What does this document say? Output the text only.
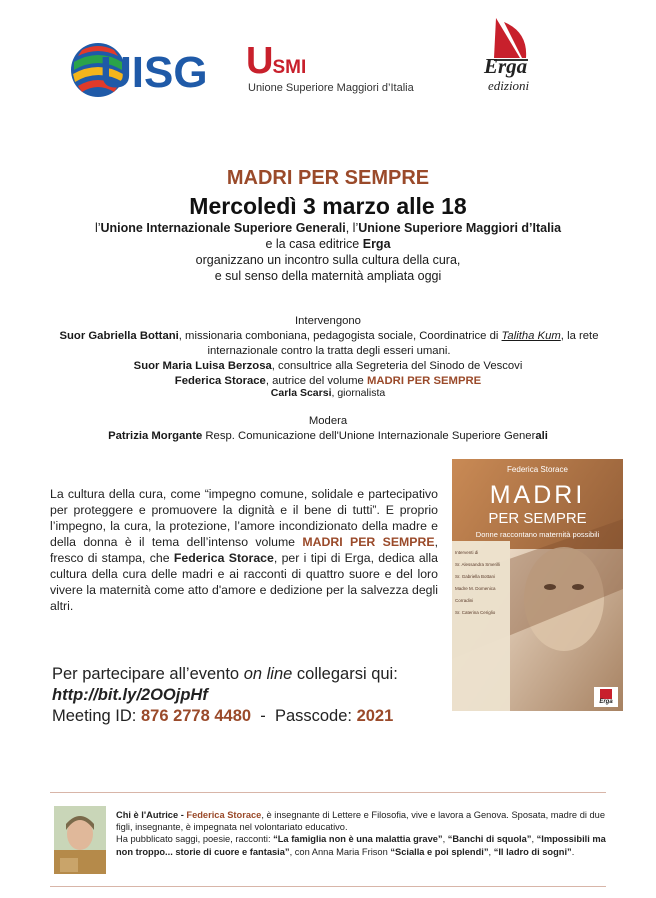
UISG USMI
Unione Superiore Maggiori d’Italia
Erga
edizioni
MADRI PER SEMPRE
Mercoledì 3 marzo alle 18
l’Unione Internazionale Superiore Generali, l’Unione Superiore Maggiori d’Italia
e la casa editrice Erga
organizzano un incontro sulla cultura della cura,
e sul senso della maternità ampliata oggi
Intervengono
Suor Gabriella Bottani, missionaria comboniana, pedagogista sociale, Coordinatrice di Talitha Kum, la rete internazionale contro la tratta degli esseri umani.
Suor Maria Luisa Berzosa, consultrice alla Segreteria del Sinodo de Vescovi
Federica Storace, autrice del volume MADRI PER SEMPRE
Carla Scarsi, giornalista
Modera
Patrizia Morgante Resp. Comunicazione dell'Unione Internazionale Superiore Generali
La cultura della cura, come “impegno comune, solidale e partecipativo per proteggere e promuovere la dignità e il bene di tutti”. E proprio l’impegno, la cura, la protezione, l’amore incondizionato della madre e della donna è il tema dell’intenso volume MADRI PER SEMPRE, fresco di stampa, che Federica Storace, per i tipi di Erga, dedica alla cultura della cura delle madri e ai racconti di quattro suore e del loro vivere la maternità come atto d'amore e dedizione per la salvezza degli altri.
Federica Storace
MADRI
PER SEMPRE
Donne raccontano maternità possibili
Interventi di
Sr. Alessandra Smerilli
Sr. Gabriella Bottani
Madre M. Domenica Corradini
Sr. Caterina Ceriglio
Erga
Per partecipare all’evento on line collegarsi qui:
http://bit.ly/2OOjpHf
Meeting ID: 876 2778 4480  -  Passcode: 2021
Chi è l'Autrice - Federica Storace, è insegnante di Lettere e Filosofia, vive e lavora a Genova. Sposata, madre di due figli, insegnante, è impegnata nel volontariato educativo.
Ha pubblicato saggi, poesie, racconti: “La famiglia non è una malattia grave”, “Banchi di squola”, “Impossibili ma non troppo... storie di cuore e fantasia”, con Anna Maria Frison “Scialla e poi splendi”, “Il ladro di sogni”.
